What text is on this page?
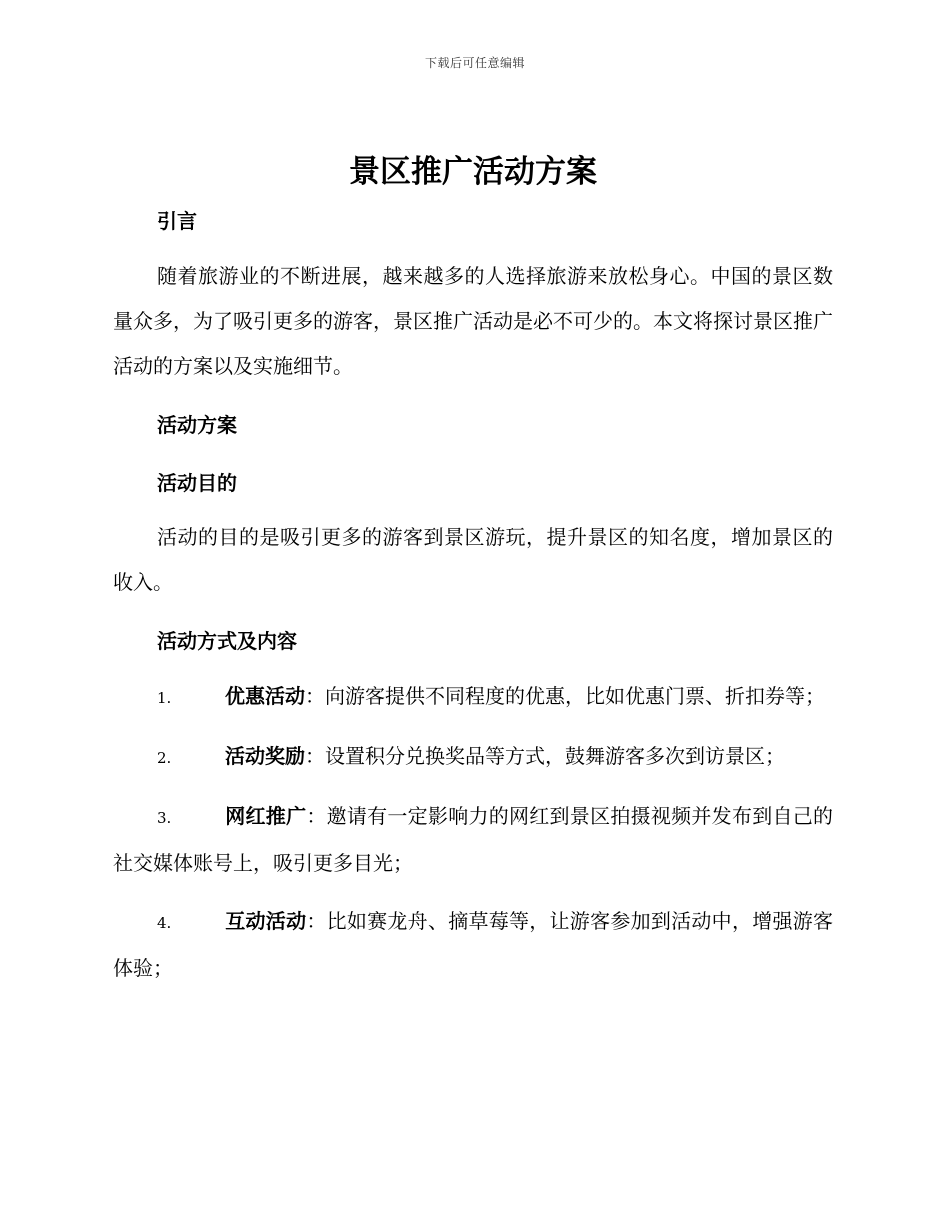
下载后可任意编辑
景区推广活动方案

引言

随着旅游业的不断进展，越来越多的人选择旅游来放松身心。中国的景区数量众多，为了吸引更多的游客，景区推广活动是必不可少的。本文将探讨景区推广活动的方案以及实施细节。

活动方案

活动目的

活动的目的是吸引更多的游客到景区游玩，提升景区的知名度，增加景区的收入。

活动方式及内容

1.	优惠活动：向游客提供不同程度的优惠，比如优惠门票、折扣券等；

2.	活动奖励：设置积分兑换奖品等方式，鼓舞游客多次到访景区；

3.	网红推广：邀请有一定影响力的网红到景区拍摄视频并发布到自己的社交媒体账号上，吸引更多目光；

4.	互动活动：比如赛龙舟、摘草莓等，让游客参加到活动中，增强游客体验；
